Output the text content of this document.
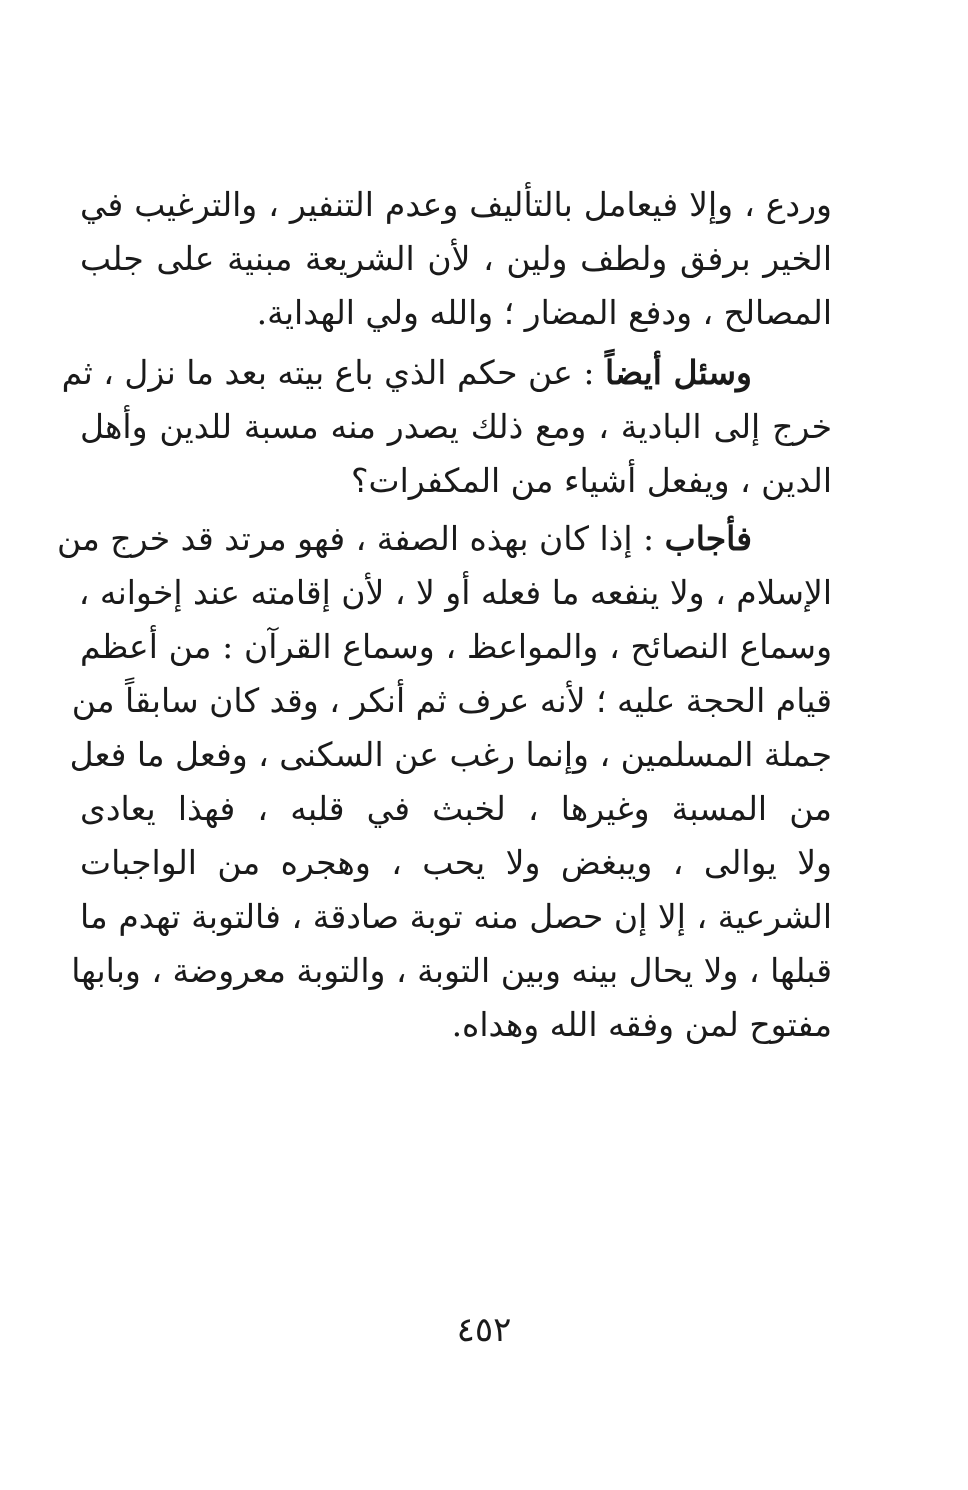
وردع ، وإلا فيعامل بالتأليف وعدم التنفير ، والترغيب في
الخير برفق ولطف ولين ، لأن الشريعة مبنية على جلب
المصالح ، ودفع المضار ؛ والله ولي الهداية.
وسئل أيضاً : عن حكم الذي باع بيته بعد ما نزل ، ثم
خرج إلى البادية ، ومع ذلك يصدر منه مسبة للدين وأهل
الدين ، ويفعل أشياء من المكفرات؟
فأجاب : إذا كان بهذه الصفة ، فهو مرتد قد خرج من
الإسلام ، ولا ينفعه ما فعله أو لا ، لأن إقامته عند إخوانه ،
وسماع النصائح ، والمواعظ ، وسماع القرآن : من أعظم
قيام الحجة عليه ؛ لأنه عرف ثم أنكر ، وقد كان سابقاً من
جملة المسلمين ، وإنما رغب عن السكنى ، وفعل ما فعل
من المسبة وغيرها ، لخبث في قلبه ، فهذا يعادى
ولا يوالى ، ويبغض ولا يحب ، وهجره من الواجبات
الشرعية ، إلا إن حصل منه توبة صادقة ، فالتوبة تهدم ما
قبلها ، ولا يحال بينه وبين التوبة ، والتوبة معروضة ، وبابها
مفتوح لمن وفقه الله وهداه.
٤٥٢
